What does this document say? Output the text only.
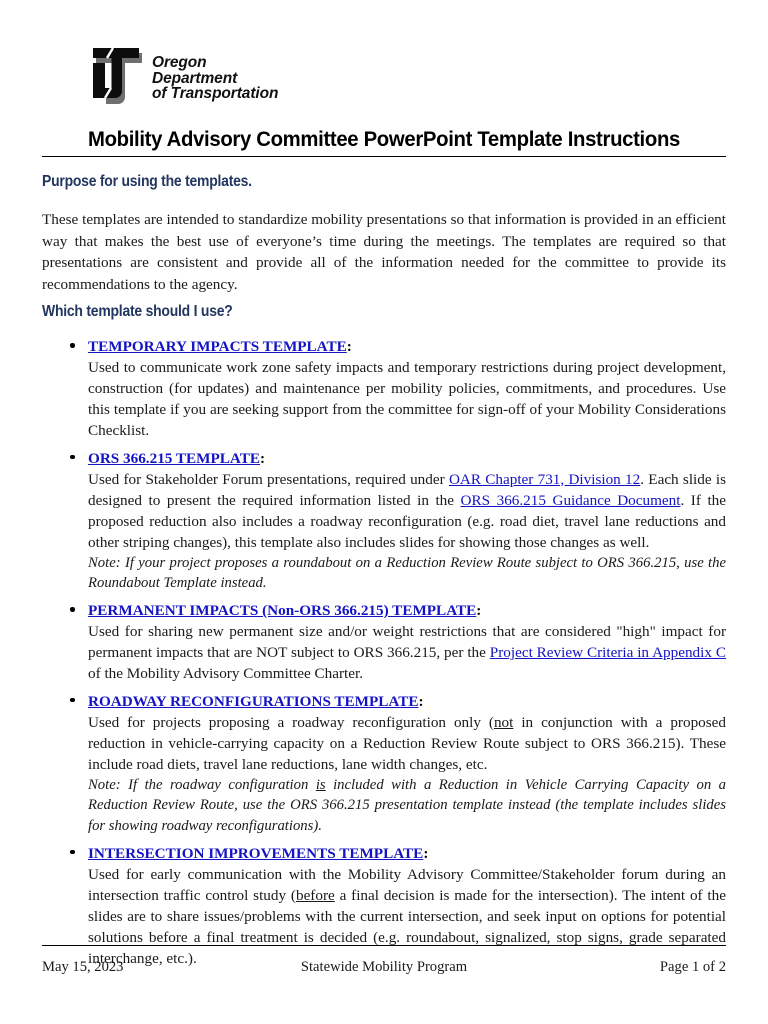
Oregon
Department
of Transportation
Mobility Advisory Committee PowerPoint Template Instructions
Purpose for using the templates.
These templates are intended to standardize mobility presentations so that information is provided in an efficient way that makes the best use of everyone’s time during the meetings. The templates are required so that presentations are consistent and provide all of the information needed for the committee to provide its recommendations to the agency.
Which template should I use?
TEMPORARY IMPACTS TEMPLATE:
Used to communicate work zone safety impacts and temporary restrictions during project development, construction (for updates) and maintenance per mobility policies, commitments, and procedures. Use this template if you are seeking support from the committee for sign-off of your Mobility Considerations Checklist.
ORS 366.215 TEMPLATE:
Used for Stakeholder Forum presentations, required under OAR Chapter 731, Division 12. Each slide is designed to present the required information listed in the ORS 366.215 Guidance Document. If the proposed reduction also includes a roadway reconfiguration (e.g. road diet, travel lane reductions and other striping changes), this template also includes slides for showing those changes as well.
Note: If your project proposes a roundabout on a Reduction Review Route subject to ORS 366.215, use the Roundabout Template instead.
PERMANENT IMPACTS (Non-ORS 366.215) TEMPLATE:
Used for sharing new permanent size and/or weight restrictions that are considered "high" impact for permanent impacts that are NOT subject to ORS 366.215, per the Project Review Criteria in Appendix C of the Mobility Advisory Committee Charter.
ROADWAY RECONFIGURATIONS TEMPLATE:
Used for projects proposing a roadway reconfiguration only (not in conjunction with a proposed reduction in vehicle-carrying capacity on a Reduction Review Route subject to ORS 366.215). These include road diets, travel lane reductions, lane width changes, etc.
Note: If the roadway configuration is included with a Reduction in Vehicle Carrying Capacity on a Reduction Review Route, use the ORS 366.215 presentation template instead (the template includes slides for showing roadway reconfigurations).
INTERSECTION IMPROVEMENTS TEMPLATE:
Used for early communication with the Mobility Advisory Committee/Stakeholder forum during an intersection traffic control study (before a final decision is made for the intersection). The intent of the slides are to share issues/problems with the current intersection, and seek input on options for potential solutions before a final treatment is decided (e.g. roundabout, signalized, stop signs, grade separated interchange, etc.).
Statewide Mobility Program
May 15, 2023	Page 1 of 2
